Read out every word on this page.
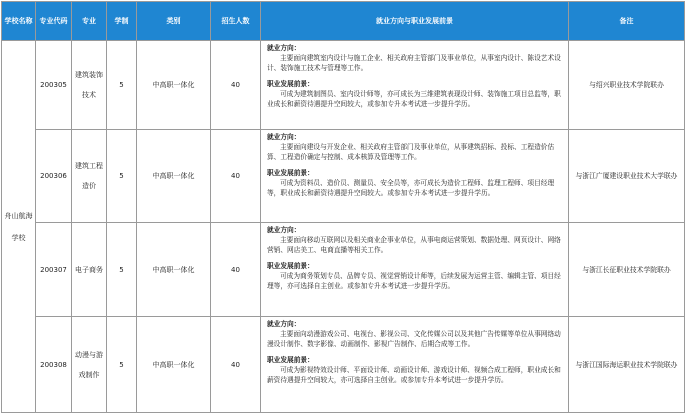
学校名称	专业代码	专业	学制	类别	招生人数	就业方向与职业发展前景	备注
舟山航海学校	200305	建筑装饰技术	5	中高职一体化	40	就业方向：
主要面向建筑室内设计与施工企业、相关政府主管部门及事业单位，从事室内设计、陈设艺术设计、装饰施工技术与管理等工作。
职业发展前景：
可成为建筑制图员、室内设计师等，亦可成长为三维建筑表现设计师、装饰施工项目总监等，职业成长和薪资待遇提升空间较大，或参加专升本考试进一步提升学历。	与绍兴职业技术学院联办
	200306	建筑工程造价	5	中高职一体化	40	就业方向：
主要面向建设与开发企业、相关政府主管部门及事业单位，从事建筑招标、投标、工程造价估算、工程造价确定与控制、成本核算及管理等工作。
职业发展前景：
可成为资料员、造价员、测量员、安全员等，亦可成长为造价工程师、监理工程师、项目经理等，职业成长和薪资待遇提升空间较大。或参加专升本考试进一步提升学历。	与浙江广厦建设职业技术大学联办
	200307	电子商务	5	中高职一体化	40	就业方向：
主要面向移动互联网以及相关商业企事业单位，从事电商运营策划、数据处理、网页设计、网络营销、网店美工、电商直播等相关工作。
职业发展前景：
可成为商务策划专员、品牌专员、视觉营销设计师等，后续发展为运营主管、编辑主管、项目经理等，亦可选择自主创业。或参加专升本考试进一步提升学历。	与浙江长征职业技术学院联办
	200308	动漫与游戏制作	5	中高职一体化	40	就业方向：
主要面向动漫游戏公司、电视台、影视公司、文化传媒公司以及其他广告传媒等单位从事网络动漫设计制作、数字影像、动画制作、影视广告制作、后期合成等工作。
职业发展前景：
可成为影视特效设计师、平面设计师、动画设计师、游戏设计师、视频合成工程师，职业成长和薪资待遇提升空间较大，亦可选择自主创业。或参加专升本考试进一步提升学历。	与浙江国际海运职业技术学院联办
